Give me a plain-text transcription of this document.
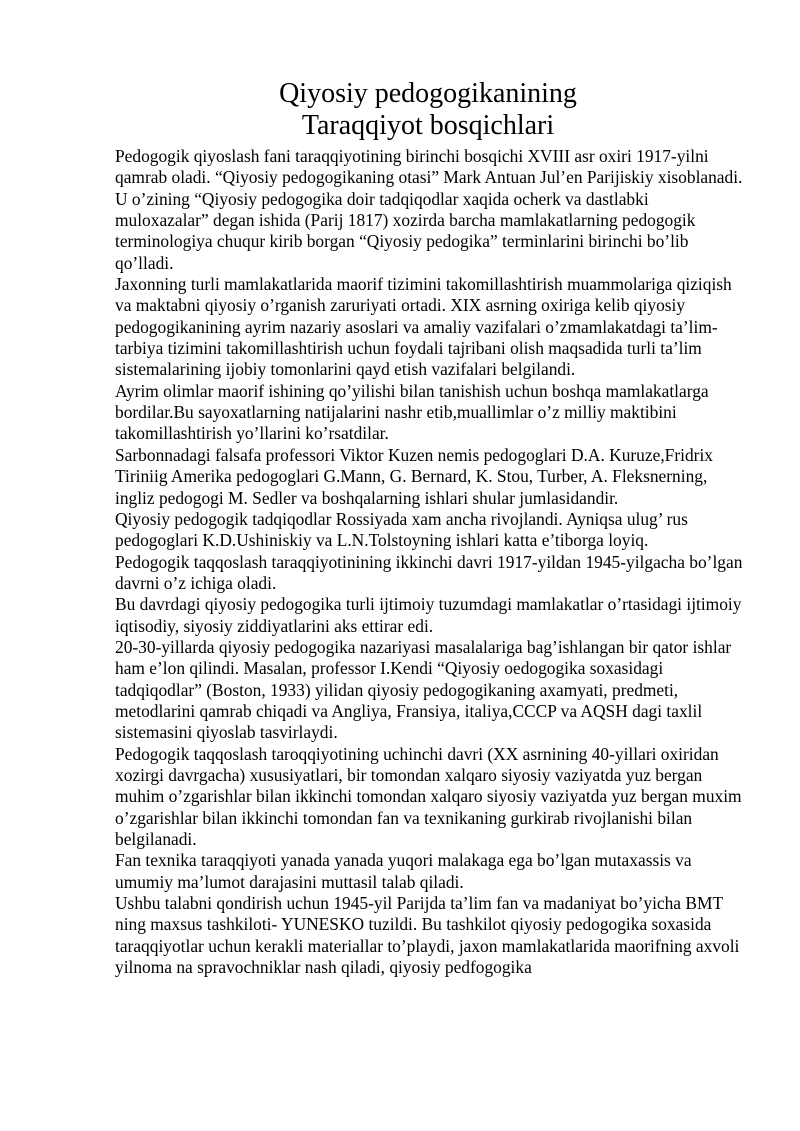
Qiyosiy pedogogikanining
Taraqqiyot bosqichlari

Pedogogik qiyoslash fani taraqqiyotining birinchi bosqichi XVIII asr oxiri 1917-yilni qamrab oladi. “Qiyosiy pedogogikaning otasi” Mark Antuan Jul’en Parijiskiy xisoblanadi.

U o’zining “Qiyosiy pedogogika doir tadqiqodlar xaqida ocherk va dastlabki muloxazalar” degan ishida (Parij 1817) xozirda barcha mamlakatlarning pedogogik terminologiya chuqur kirib borgan “Qiyosiy pedogika” terminlarini birinchi bo’lib qo’lladi.

Jaxonning turli mamlakatlarida maorif tizimini takomillashtirish muammolariga qiziqish va maktabni qiyosiy o’rganish zaruriyati ortadi. XIX asrning oxiriga kelib qiyosiy pedogogikanining ayrim nazariy asoslari va amaliy vazifalari o’zmamlakatdagi ta’lim-tarbiya tizimini takomillashtirish uchun foydali tajribani olish maqsadida turli ta’lim sistemalarining ijobiy tomonlarini qayd etish vazifalari belgilandi.

Ayrim olimlar maorif ishining qo’yilishi bilan tanishish uchun boshqa mamlakatlarga bordilar.Bu sayoxatlarning natijalarini nashr etib,muallimlar o’z milliy maktibini takomillashtirish yo’llarini ko’rsatdilar.

Sarbonnadagi falsafa professori Viktor Kuzen nemis pedogoglari D.A. Kuruze,Fridrix Tiriniig Amerika pedogoglari G.Mann, G. Bernard, K. Stou, Turber, A. Fleksnerning, ingliz pedogogi M. Sedler va boshqalarning ishlari shular jumlasidandir.

Qiyosiy pedogogik tadqiqodlar Rossiyada xam ancha rivojlandi. Ayniqsa ulug’ rus pedogoglari K.D.Ushiniskiy va L.N.Tolstoyning ishlari katta e’tiborga loyiq.

Pedogogik taqqoslash taraqqiyotinining ikkinchi davri 1917-yildan 1945-yilgacha bo’lgan davrni o’z ichiga oladi.

Bu davrdagi qiyosiy pedogogika turli ijtimoiy tuzumdagi mamlakatlar o’rtasidagi ijtimoiy iqtisodiy, siyosiy ziddiyatlarini aks ettirar edi.

20-30-yillarda qiyosiy pedogogika nazariyasi masalalariga bag’ishlangan bir qator ishlar ham e’lon qilindi. Masalan, professor I.Kendi “Qiyosiy oedogogika soxasidagi tadqiqodlar” (Boston, 1933) yilidan qiyosiy pedogogikaning axamyati, predmeti, metodlarini qamrab chiqadi va Angliya, Fransiya, italiya,CCCP va AQSH dagi taxlil sistemasini qiyoslab tasvirlaydi.

Pedogogik taqqoslash taroqqiyotining uchinchi davri (XX asrnining 40-yillari oxiridan xozirgi davrgacha) xususiyatlari, bir tomondan xalqaro siyosiy vaziyatda yuz bergan muhim o’zgarishlar bilan ikkinchi tomondan xalqaro siyosiy vaziyatda yuz bergan muxim o’zgarishlar bilan ikkinchi tomondan fan va texnikaning gurkirab rivojlanishi bilan belgilanadi.

Fan texnika taraqqiyoti yanada yanada yuqori malakaga ega bo’lgan mutaxassis va umumiy ma’lumot darajasini muttasil talab qiladi.

Ushbu talabni qondirish uchun 1945-yil Parijda ta’lim fan va madaniyat bo’yicha BMT ning maxsus tashkiloti- YUNESKO tuzildi. Bu tashkilot qiyosiy pedogogika soxasida taraqqiyotlar uchun kerakli materiallar to’playdi, jaxon mamlakatlarida maorifning axvoli yilnoma na spravochniklar nash qiladi, qiyosiy pedfogogika
